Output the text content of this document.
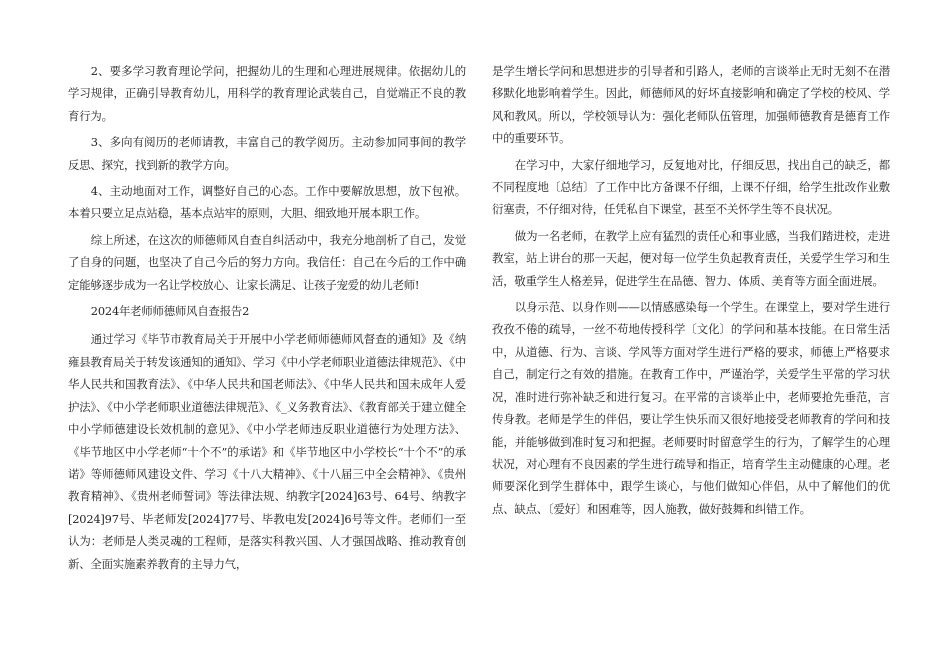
2、要多学习教育理论学问，把握幼儿的生理和心理进展规律。依据幼儿的学习规律，正确引导教育幼儿，用科学的教育理论武装自己，自觉端正不良的教育行为。

3、多向有阅历的老师请教，丰富自己的教学阅历。主动参加同事间的教学反思、探究，找到新的教学方向。

4、主动地面对工作，调整好自己的心态。工作中要解放思想，放下包袱。本着只要立足点站稳，基本点站牢的原则，大胆、细致地开展本职工作。

综上所述，在这次的师德师风自查自纠活动中，我充分地剖析了自己，发觉了自身的问题，也坚决了自己今后的努力方向。我信任：自己在今后的工作中确定能够逐步成为一名让学校放心、让家长满足、让孩子宠爱的幼儿老师!

2024年老师师德师风自查报告2

通过学习《毕节市教育局关于开展中小学老师师德师风督查的通知》及《纳雍县教育局关于转发该通知的通知》、学习《中小学老师职业道德法律规范》、《中华人民共和国教育法》、《中华人民共和国老师法》、《中华人民共和国未成年人爱护法》、《中小学老师职业道德法律规范》、《_义务教育法》、《教育部关于建立健全中小学师德建设长效机制的意见》、《中小学老师违反职业道德行为处理方法》、《毕节地区中小学老师“十个不”的承诺》和《毕节地区中小学校长“十个不”的承诺》等师德师风建设文件、学习《十八大精神》、《十八届三中全会精神》、《贵州教育精神》、《贵州老师誓词》等法律法规、纳教字[2024]63号、64号、纳教字[2024]97号、毕老师发[2024]77号、毕教电发[2024]6号等文件。老师们一至认为：老师是人类灵魂的工程师，是落实科教兴国、人才强国战略、推动教育创新、全面实施素养教育的主导力气，

是学生增长学问和思想进步的引导者和引路人，老师的言谈举止无时无刻不在潜移默化地影响着学生。因此，师德师风的好坏直接影响和确定了学校的校风、学风和教风。所以，学校领导认为：强化老师队伍管理，加强师德教育是德育工作中的重要环节。

在学习中，大家仔细地学习，反复地对比，仔细反思，找出自己的缺乏，都不同程度地〔总结〕了工作中比方备课不仔细，上课不仔细，给学生批改作业敷衍塞责，不仔细对待，任凭私自下课堂，甚至不关怀学生等不良状况。

做为一名老师，在教学上应有猛烈的责任心和事业感，当我们踏进校，走进教室，站上讲台的那一天起，便对每一位学生负起教育责任，关爱学生学习和生活，敬重学生人格差异，促进学生在品德、智力、体质、美育等方面全面进展。

以身示范、以身作则——以情感感染每一个学生。在课堂上，要对学生进行孜孜不倦的疏导，一丝不苟地传授科学〔文化〕的学问和基本技能。在日常生活中，从道德、行为、言谈、学风等方面对学生进行严格的要求，师德上严格要求自己，制定行之有效的措施。在教育工作中，严谨治学，关爱学生平常的学习状况，准时进行弥补缺乏和进行复习。在平常的言谈举止中，老师要抢先垂范，言传身教。老师是学生的伴侣，要让学生快乐而又很好地接受老师教育的学问和技能，并能够做到准时复习和把握。老师要时时留意学生的行为，了解学生的心理状况，对心理有不良因素的学生进行疏导和指正，培育学生主动健康的心理。老师要深化到学生群体中，跟学生谈心，与他们做知心伴侣，从中了解他们的优点、缺点、〔爱好〕和困难等，因人施教，做好鼓舞和纠错工作。
